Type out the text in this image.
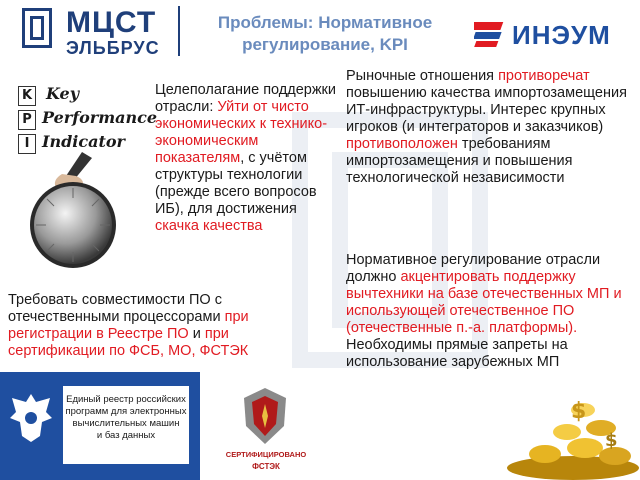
МЦСТ
ЭЛЬБРУС
Проблемы: Нормативное
регулирование, KPI	ИНЭУМ
K
P
I
Key
Performance
Indicator
Целеполагание поддержки отрасли: Уйти от чисто экономических к технико-экономическим показателям, с учётом структуры технологии (прежде всего вопросов ИБ), для достижения скачка качества
Рыночные отношения противоречат повышению качества импортозамещения ИТ-инфраструктуры. Интерес крупных игроков (и интеграторов и заказчиков) противоположен требованиям импортозамещения и повышения технологической независимости
Нормативное регулирование отрасли должно акцентировать поддержку вычтехники на базе отечественных МП и использующей отечественное ПО (отечественные п.-а. платформы).
Необходимы прямые запреты на использование зарубежных МП
Требовать совместимости ПО с отечественными процессорами при регистрации в Реестре ПО и при сертификации по ФСБ, МО, ФСТЭК
Единый реестр российских
программ для электронных
вычислительных машин
и баз данных
СЕРТИФИЦИРОВАНО
ФСТЭК
$
$
